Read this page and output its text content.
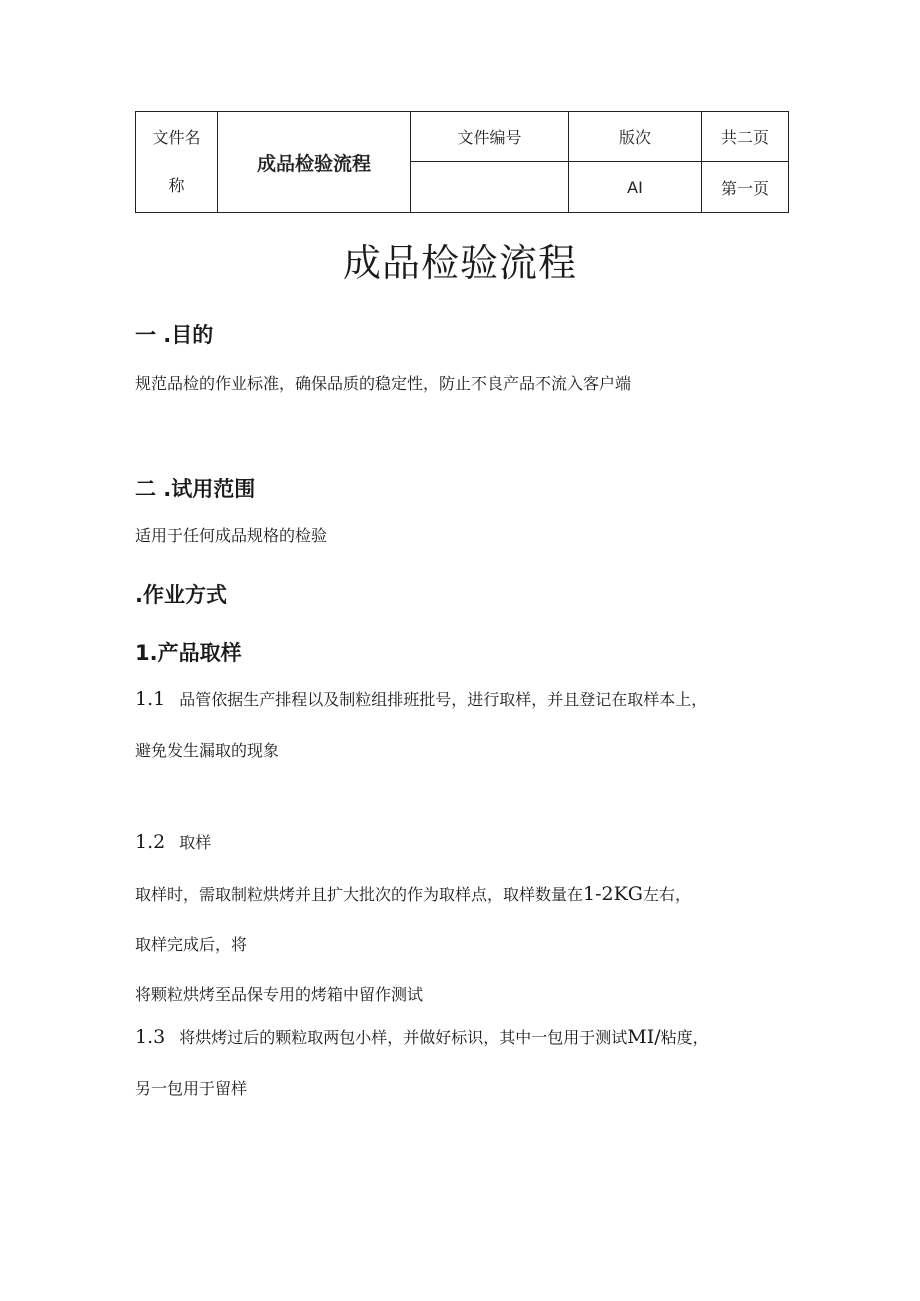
文件名
称	成品检验流程	文件编号	版次	共二页
			AI	第一页
成品检验流程
一 .目的
规范品检的作业标准，确保品质的稳定性，防止不良产品不流入客户端
二 .试用范围
适用于任何成品规格的检验
.作业方式
1.产品取样
1.1 品管依据生产排程以及制粒组排班批号，进行取样，并且登记在取样本上，
避免发生漏取的现象
1.2 取样
取样时，需取制粒烘烤并且扩大批次的作为取样点，取样数量在1-2KG左右，
取样完成后，将
将颗粒烘烤至品保专用的烤箱中留作测试
1.3 将烘烤过后的颗粒取两包小样，并做好标识，其中一包用于测试MI/粘度，
另一包用于留样
